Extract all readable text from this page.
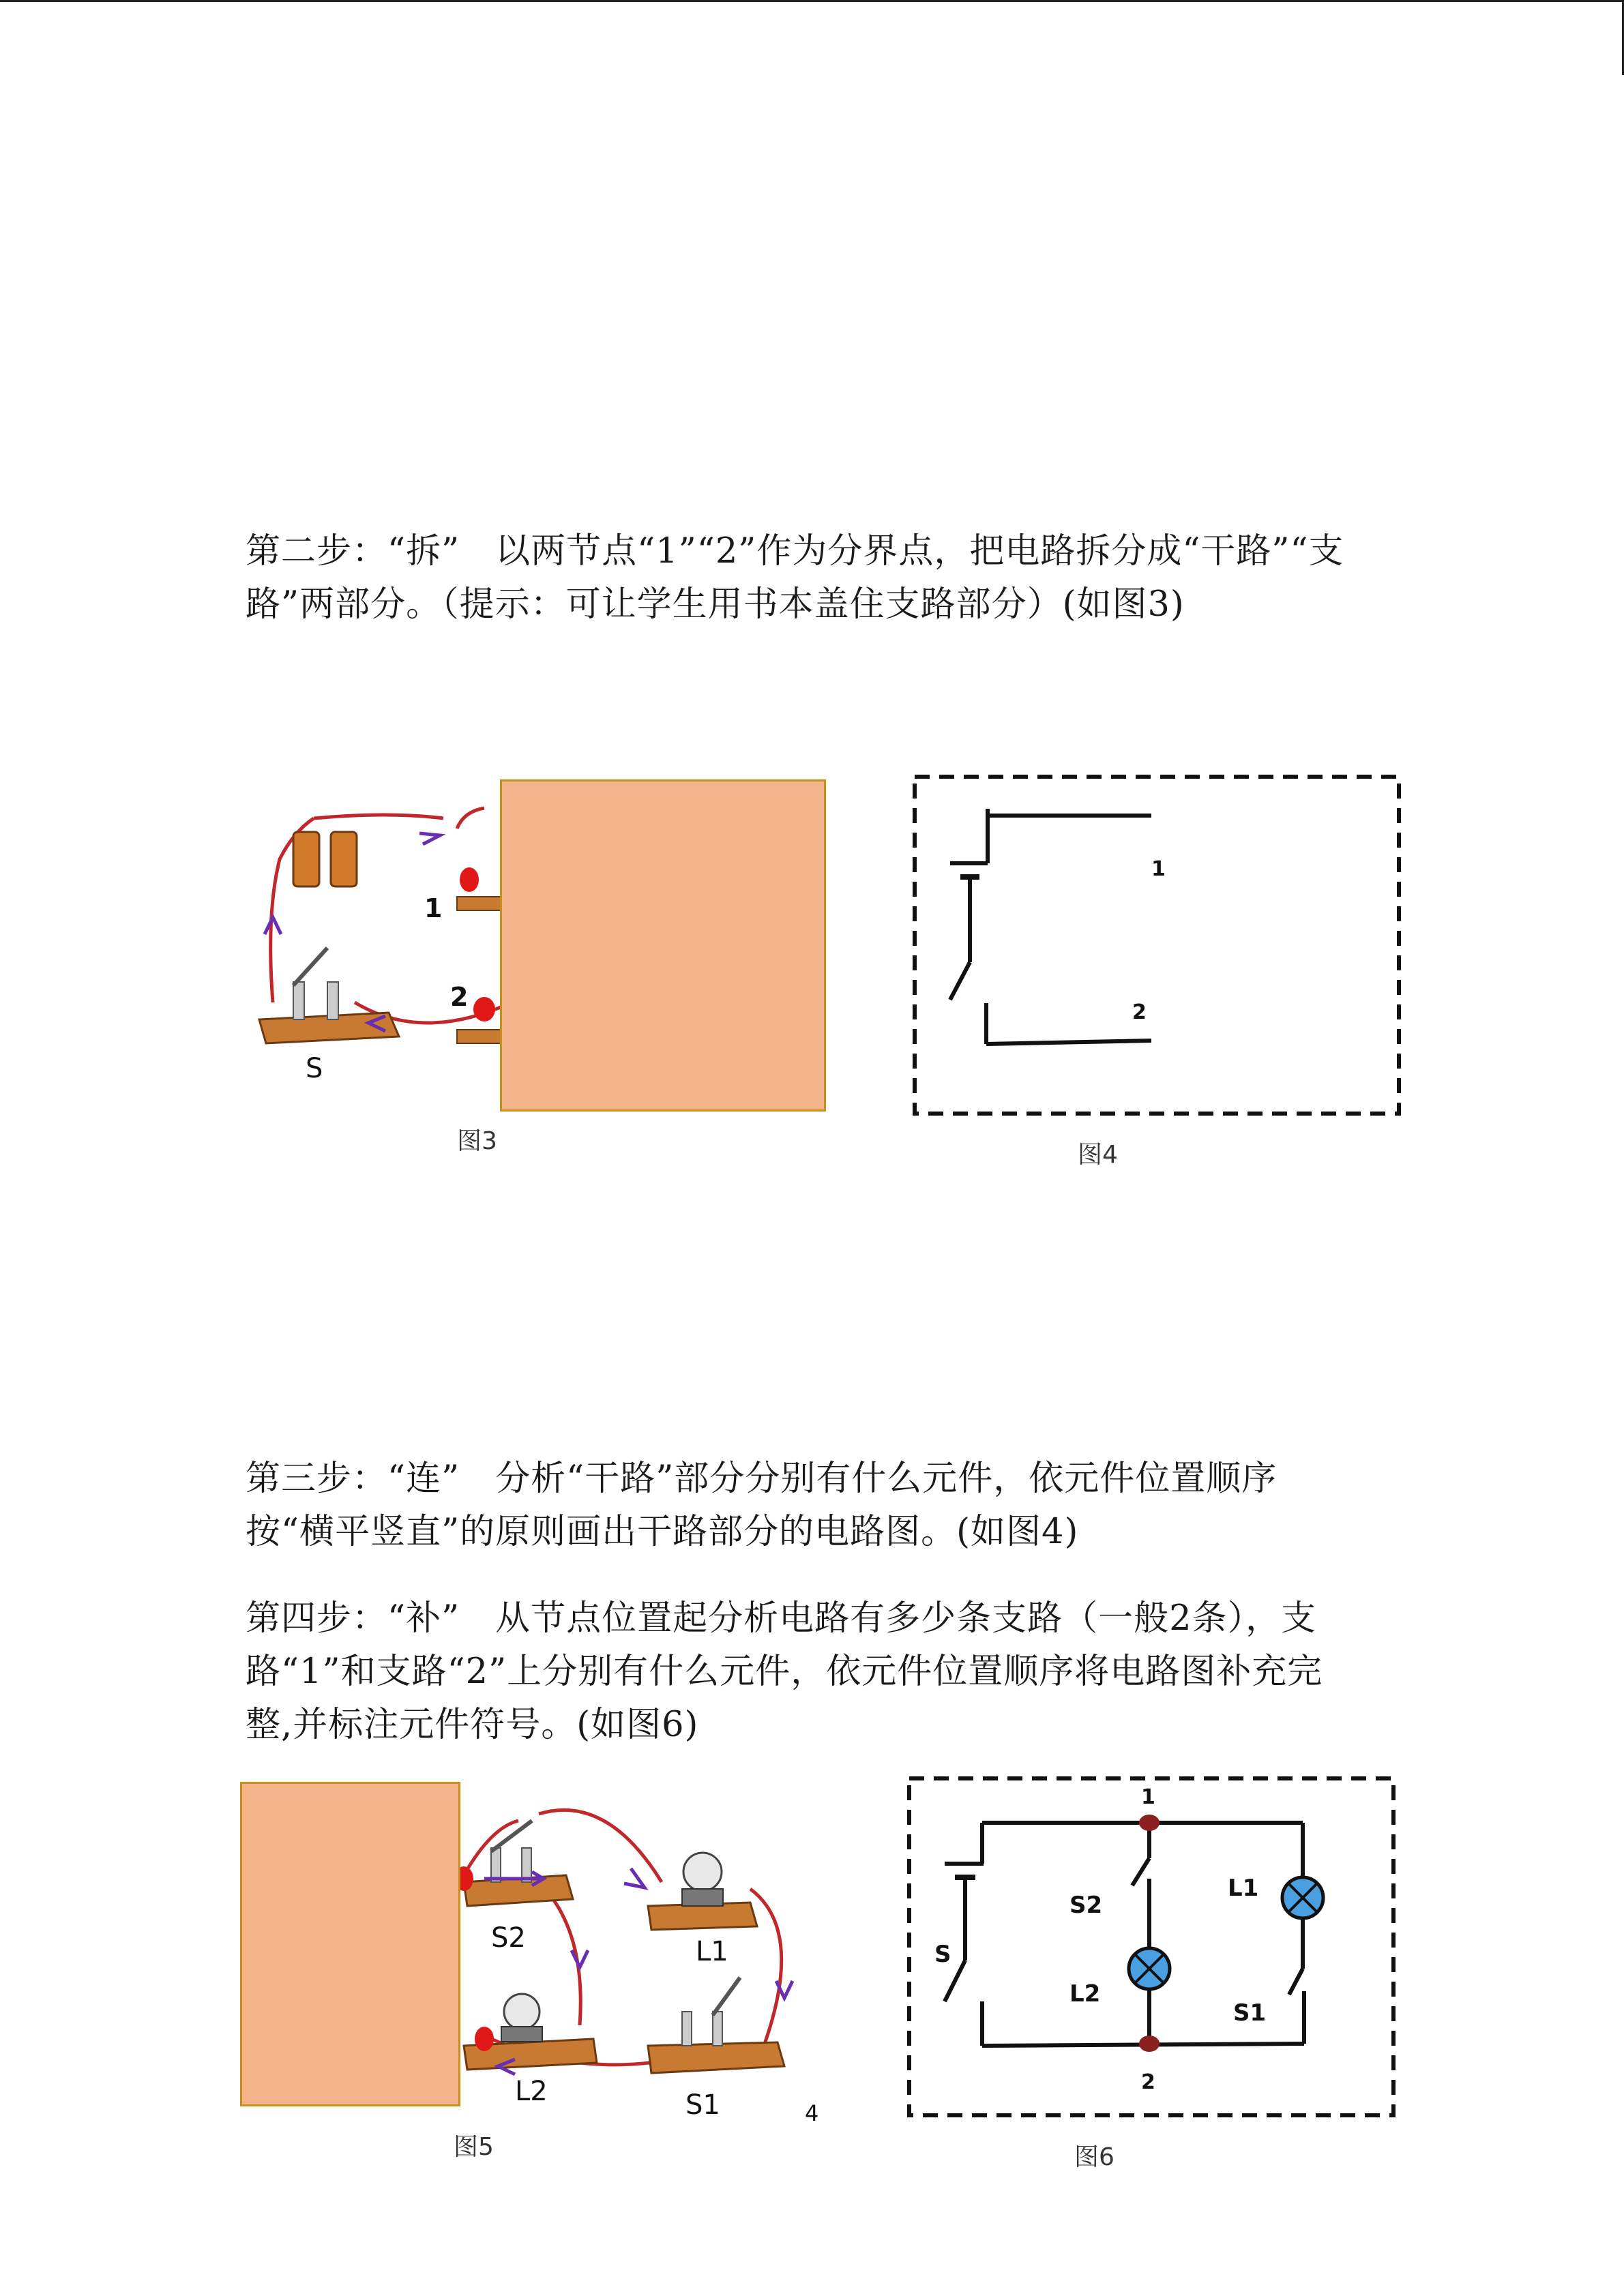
第二步：“拆”　以两节点“1”“2”作为分界点，把电路拆分成“干路”“支路”两部分。（提示：可让学生用书本盖住支路部分）(如图3)

1
2
S
图3
1
2
图4

第三步：“连”　分析“干路”部分分别有什么元件，依元件位置顺序按“横平竖直”的原则画出干路部分的电路图。(如图4)

第四步：“补”　从节点位置起分析电路有多少条支路（一般2条），支路“1”和支路“2”上分别有什么元件，依元件位置顺序将电路图补充完整,并标注元件符号。(如图6)

S2	L1
L2	S1	4
图5
1
2
S
S2
L1
L2
S1
图6
